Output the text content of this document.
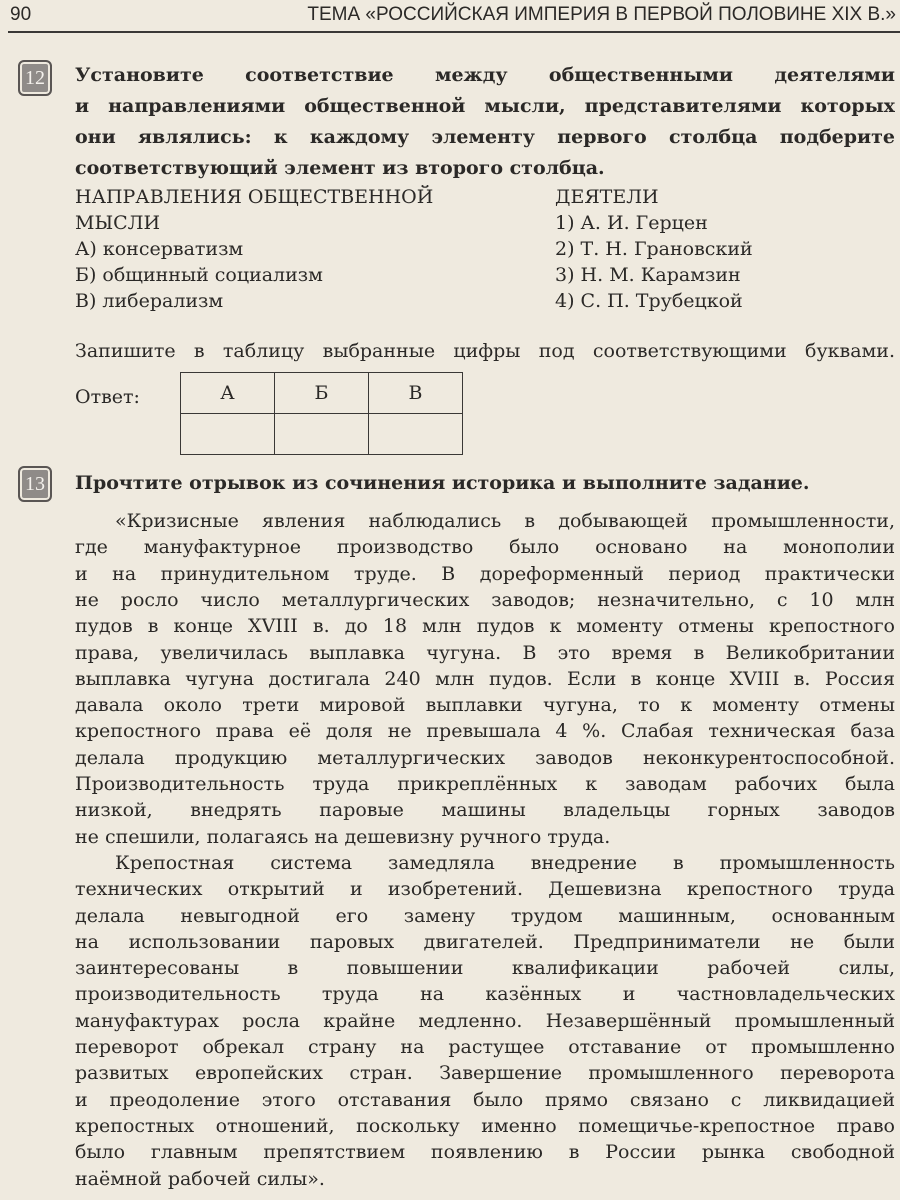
90	ТЕМА «РОССИЙСКАЯ ИМПЕРИЯ В ПЕРВОЙ ПОЛОВИНЕ XIX В.»
12	Установите соответствие между общественными деятелями
и направлениями общественной мысли, представителями которых
они являлись: к каждому элементу первого столбца подберите
соответствующий элемент из второго столбца.
НАПРАВЛЕНИЯ ОБЩЕСТВЕННОЙ
МЫСЛИ
А) консерватизм
Б) общинный социализм
В) либерализм
ДЕЯТЕЛИ
1) А. И. Герцен
2) Т. Н. Грановский
3) Н. М. Карамзин
4) С. П. Трубецкой
Запишите в таблицу выбранные цифры под соответствующими буквами.
Ответ:	А	Б	В

13	Прочтите отрывок из сочинения историка и выполните задание.
«Кризисные явления наблюдались в добывающей промышленности,
где мануфактурное производство было основано на монополии
и на принудительном труде. В дореформенный период практически
не росло число металлургических заводов; незначительно, с 10 млн
пудов в конце XVIII в. до 18 млн пудов к моменту отмены крепостного
права, увеличилась выплавка чугуна. В это время в Великобритании
выплавка чугуна достигала 240 млн пудов. Если в конце XVIII в. Россия
давала около трети мировой выплавки чугуна, то к моменту отмены
крепостного права её доля не превышала 4 %. Слабая техническая база
делала продукцию металлургических заводов неконкурентоспособной.
Производительность труда прикреплённых к заводам рабочих была
низкой, внедрять паровые машины владельцы горных заводов
не спешили, полагаясь на дешевизну ручного труда.
Крепостная система замедляла внедрение в промышленность
технических открытий и изобретений. Дешевизна крепостного труда
делала невыгодной его замену трудом машинным, основанным
на использовании паровых двигателей. Предприниматели не были
заинтересованы в повышении квалификации рабочей силы,
производительность труда на казённых и частновладельческих
мануфактурах росла крайне медленно. Незавершённый промышленный
переворот обрекал страну на растущее отставание от промышленно
развитых европейских стран. Завершение промышленного переворота
и преодоление этого отставания было прямо связано с ликвидацией
крепостных отношений, поскольку именно помещичье-крепостное право
было главным препятствием появлению в России рынка свободной
наёмной рабочей силы».
